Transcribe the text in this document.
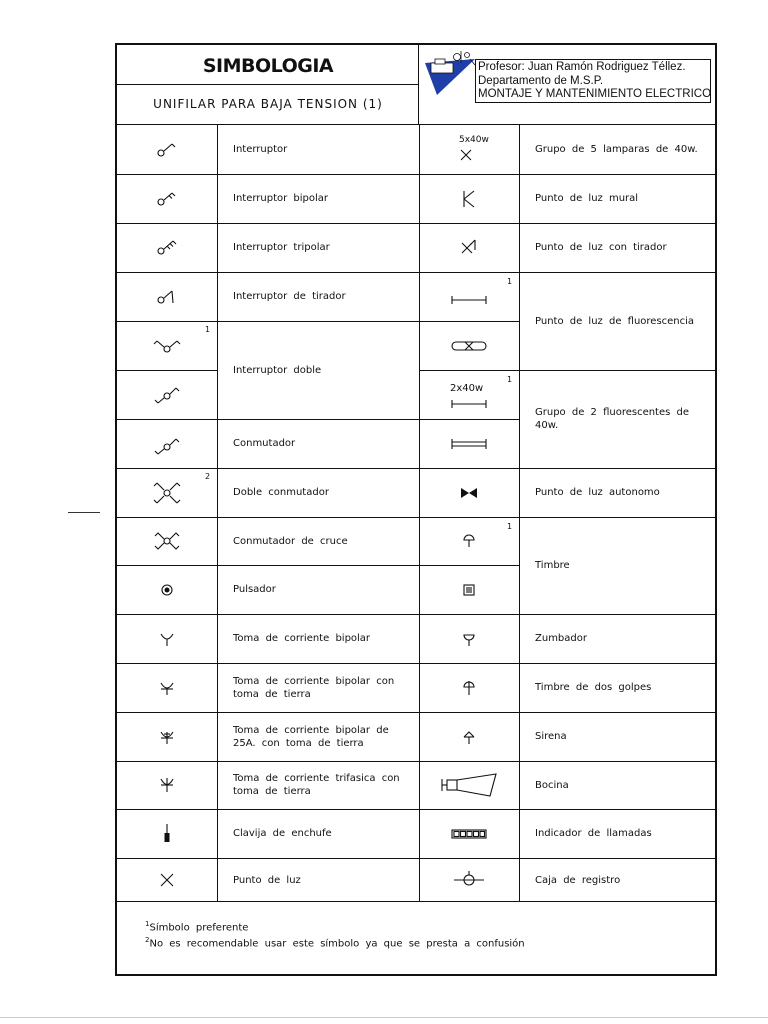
SIMBOLOGIA
UNIFILAR PARA BAJA TENSION (1)
Profesor: Juan Ramón Rodriguez Téllez.
Departamento de M.S.P.
MONTAJE Y MANTENIMIENTO ELECTRICO
Interruptor
Interruptor bipolar
Interruptor tripolar
Interruptor de tirador
1
Interruptor doble
Conmutador
2
Doble conmutador
Conmutador de cruce
Pulsador
Toma de corriente bipolar
Toma de corriente bipolar con toma de tierra
Toma de corriente bipolar de 25A. con toma de tierra
Toma de corriente trifasica con toma de tierra
Clavija de enchufe
Punto de luz
5x40w
Grupo de 5 lamparas de 40w.
Punto de luz mural
Punto de luz con tirador
1
Punto de luz de fluorescencia
2x40w
1
Grupo de 2 fluorescentes de 40w.
Punto de luz autonomo
1
Timbre
Zumbador
Timbre de dos golpes
Sirena
Bocina
Indicador de llamadas
Caja de registro
$^1$Símbolo preferente
$^2$No es recomendable usar este símbolo ya que se presta a confusión
